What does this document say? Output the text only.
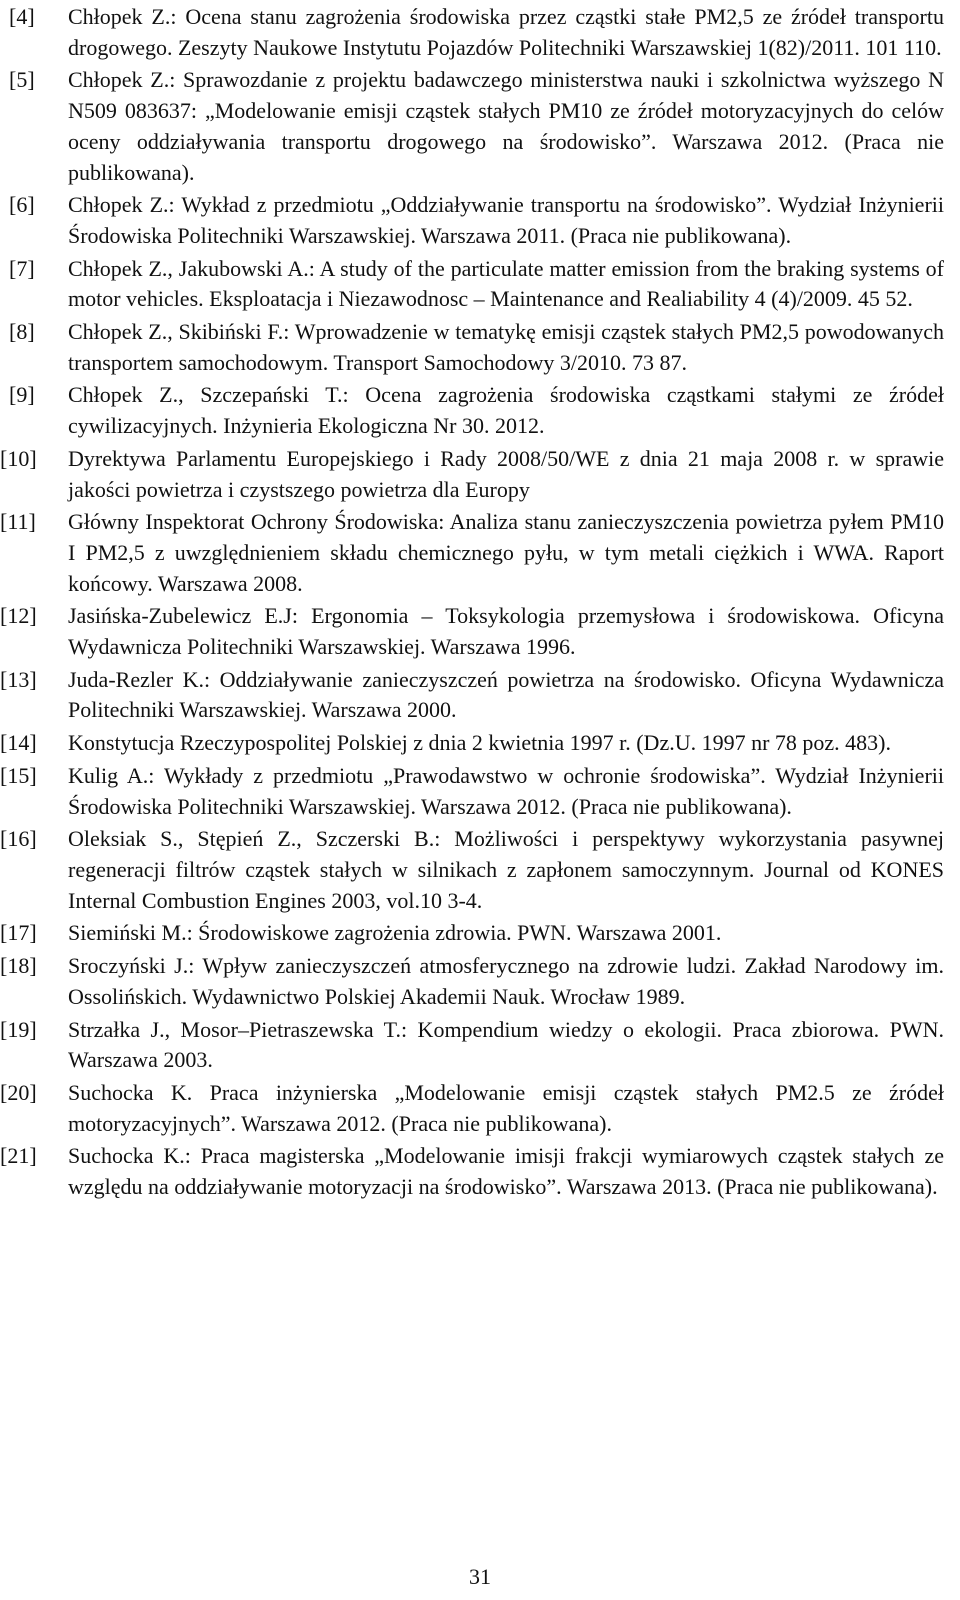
[4] Chłopek Z.: Ocena stanu zagrożenia środowiska przez cząstki stałe PM2,5 ze źródeł transportu drogowego. Zeszyty Naukowe Instytutu Pojazdów Politechniki Warszawskiej 1(82)/2011. 101 110.
[5] Chłopek Z.: Sprawozdanie z projektu badawczego ministerstwa nauki i szkolnictwa wyższego N N509 083637: „Modelowanie emisji cząstek stałych PM10 ze źródeł motoryzacyjnych do celów oceny oddziaływania transportu drogowego na środowisko”. Warszawa 2012. (Praca nie publikowana).
[6] Chłopek Z.: Wykład z przedmiotu „Oddziaływanie transportu na środowisko”. Wydział Inżynierii Środowiska Politechniki Warszawskiej. Warszawa 2011. (Praca nie publikowana).
[7] Chłopek Z., Jakubowski A.: A study of the particulate matter emission from the braking systems of motor vehicles. Eksploatacja i Niezawodnosc – Maintenance and Realiability 4 (4)/2009. 45 52.
[8] Chłopek Z., Skibiński F.: Wprowadzenie w tematykę emisji cząstek stałych PM2,5 powodowanych transportem samochodowym. Transport Samochodowy 3/2010. 73 87.
[9] Chłopek Z., Szczepański T.: Ocena zagrożenia środowiska cząstkami stałymi ze źródeł cywilizacyjnych. Inżynieria Ekologiczna Nr 30. 2012.
[10] Dyrektywa Parlamentu Europejskiego i Rady 2008/50/WE z dnia 21 maja 2008 r. w sprawie jakości powietrza i czystszego powietrza dla Europy
[11] Główny Inspektorat Ochrony Środowiska: Analiza stanu zanieczyszczenia powietrza pyłem PM10 I PM2,5 z uwzględnieniem składu chemicznego pyłu, w tym metali ciężkich i WWA. Raport końcowy. Warszawa 2008.
[12] Jasińska-Zubelewicz E.J: Ergonomia – Toksykologia przemysłowa i środowiskowa. Oficyna Wydawnicza Politechniki Warszawskiej. Warszawa 1996.
[13] Juda-Rezler K.: Oddziaływanie zanieczyszczeń powietrza na środowisko. Oficyna Wydawnicza Politechniki Warszawskiej. Warszawa 2000.
[14] Konstytucja Rzeczypospolitej Polskiej z dnia 2 kwietnia 1997 r. (Dz.U. 1997 nr 78 poz. 483).
[15] Kulig A.: Wykłady z przedmiotu „Prawodawstwo w ochronie środowiska”. Wydział Inżynierii Środowiska Politechniki Warszawskiej. Warszawa 2012. (Praca nie publikowana).
[16] Oleksiak S., Stępień Z., Szczerski B.: Możliwości i perspektywy wykorzystania pasywnej regeneracji filtrów cząstek stałych w silnikach z zapłonem samoczynnym. Journal od KONES Internal Combustion Engines 2003, vol.10 3-4.
[17] Siemiński M.: Środowiskowe zagrożenia zdrowia. PWN. Warszawa 2001.
[18] Sroczyński J.: Wpływ zanieczyszczeń atmosferycznego na zdrowie ludzi. Zakład Narodowy im. Ossolińskich. Wydawnictwo Polskiej Akademii Nauk. Wrocław 1989.
[19] Strzałka J., Mosor–Pietraszewska T.: Kompendium wiedzy o ekologii. Praca zbiorowa. PWN. Warszawa 2003.
[20] Suchocka K. Praca inżynierska „Modelowanie emisji cząstek stałych PM2.5 ze źródeł motoryzacyjnych”. Warszawa 2012. (Praca nie publikowana).
[21] Suchocka K.: Praca magisterska „Modelowanie imisji frakcji wymiarowych cząstek stałych ze względu na oddziaływanie motoryzacji na środowisko”. Warszawa 2013. (Praca nie publikowana).
31
